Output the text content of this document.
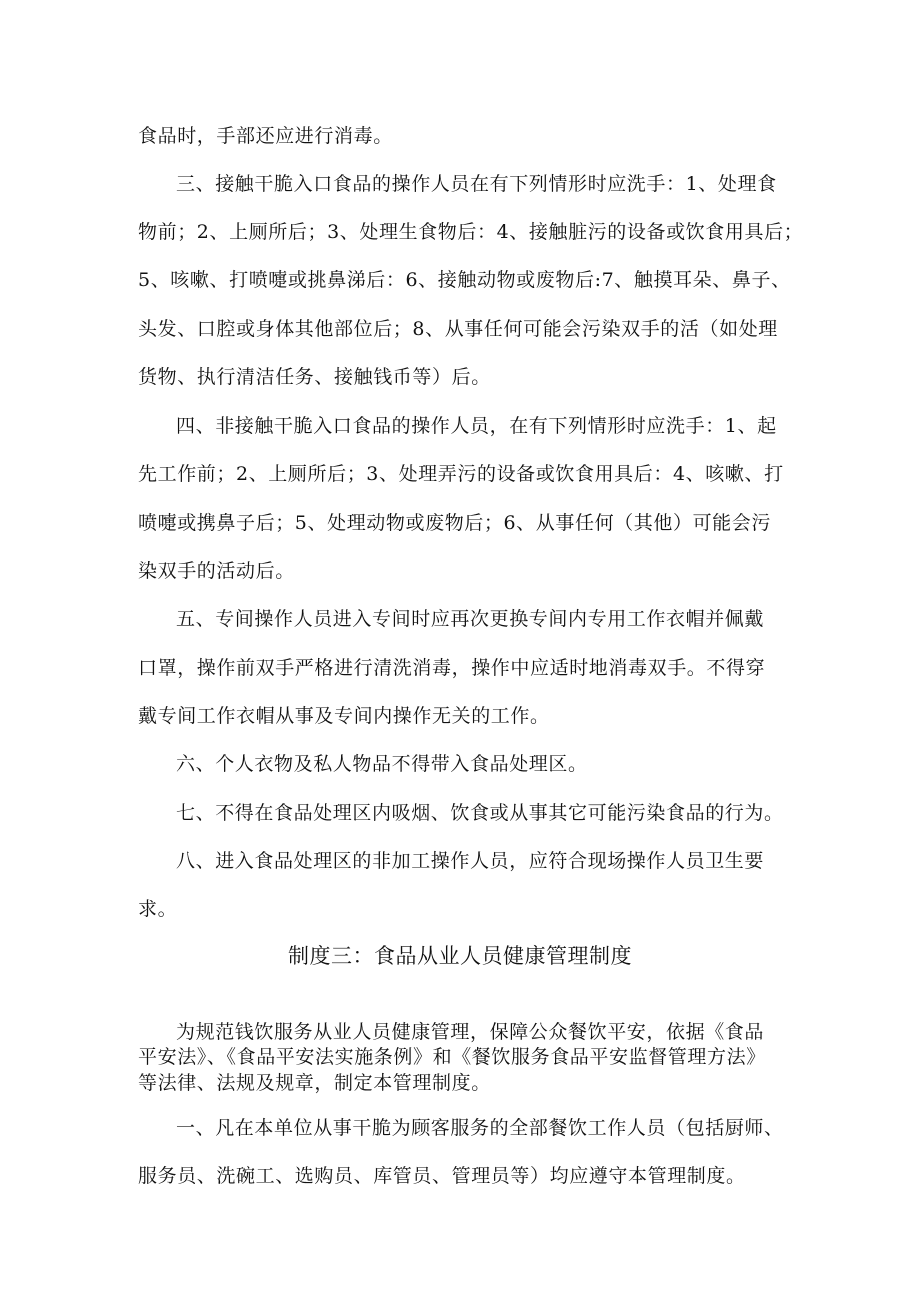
食品时，手部还应进行消毒。
三、接触干脆入口食品的操作人员在有下列情形时应洗手：1、处理食
物前；2、上厕所后；3、处理生食物后：4、接触脏污的设备或饮食用具后；
5、咳嗽、打喷嚏或挑鼻涕后：6、接触动物或废物后:7、触摸耳朵、鼻子、
头发、口腔或身体其他部位后；8、从事任何可能会污染双手的活（如处理
货物、执行清洁任务、接触钱币等）后。
四、非接触干脆入口食品的操作人员，在有下列情形时应洗手：1、起
先工作前；2、上厕所后；3、处理弄污的设备或饮食用具后：4、咳嗽、打
喷嚏或携鼻子后；5、处理动物或废物后；6、从事任何（其他）可能会污
染双手的活动后。
五、专间操作人员进入专间时应再次更换专间内专用工作衣帽并佩戴
口罩，操作前双手严格进行清洗消毒，操作中应适时地消毒双手。不得穿
戴专间工作衣帽从事及专间内操作无关的工作。
六、个人衣物及私人物品不得带入食品处理区。
七、不得在食品处理区内吸烟、饮食或从事其它可能污染食品的行为。
八、进入食品处理区的非加工操作人员，应符合现场操作人员卫生要
求。
制度三：食品从业人员健康管理制度
为规范钱饮服务从业人员健康管理，保障公众餐饮平安，依据《食品
平安法》、《食品平安法实施条例》和《餐饮服务食品平安监督管理方法》
等法律、法规及规章，制定本管理制度。
一、凡在本单位从事干脆为顾客服务的全部餐饮工作人员（包括厨师、
服务员、洗碗工、选购员、库管员、管理员等）均应遵守本管理制度。
